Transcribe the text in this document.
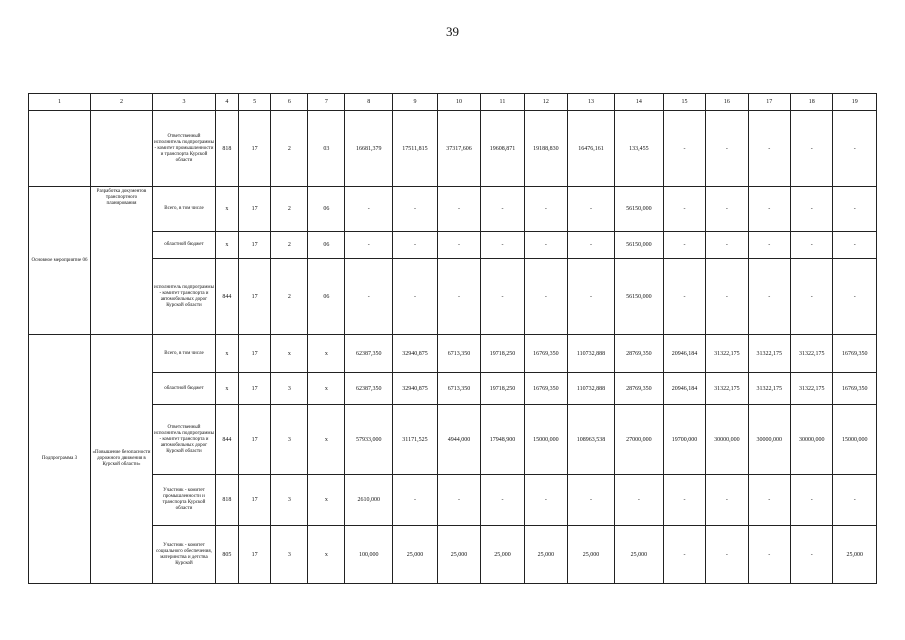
39
1	2	3	4	5	6	7	8	9	10	11	12	13	14	15	16	17	18	19
		Ответственный исполнитель подпрограммы - комитет промышленности и транспорта Курской области	818	17	2	03	16681,379	17511,815	37317,606	19608,871	19188,830	16476,161	133,455	-	-	-	-	-
Основное мероприятие 06	Разработка документов транспортного планирования	Всего, в том числе	x	17	2	06	-	-	-	-	-	-	56150,000	-	-	-	-	-
		областной бюджет	x	17	2	06	-	-	-	-	-	-	56150,000	-	-	-	-	-
		исполнитель подпрограммы - комитет транспорта и автомобильных дорог Курской области	844	17	2	06	-	-	-	-	-	-	56150,000	-	-	-	-	-
Подпрограмма 3	«Повышение безопасности дорожного движения в Курской области»	Всего, в том числе	x	17	x	x	62387,350	32940,875	6713,350	19718,250	16769,350	110732,888	28769,350	20946,184	31322,175	31322,175	31322,175	16769,350
		областной бюджет	x	17	3	x	62387,350	32940,875	6713,350	19718,250	16769,350	110732,888	28769,350	20946,184	31322,175	31322,175	31322,175	16769,350
		Ответственный исполнитель подпрограммы - комитет транспорта и автомобильных дорог Курской области	844	17	3	x	57933,000	31171,525	4944,000	17948,900	15000,000	108963,538	27000,000	19700,000	30000,000	30000,000	30000,000	15000,000
		Участник - комитет промышленности и транспорта Курской области	818	17	3	x	2610,000	-	-	-	-	-	-	-	-	-	-	-
		Участник - комитет социального обеспечения, материнства и детства Курской	805	17	3	x	100,000	25,000	25,000	25,000	25,000	25,000	25,000	-	-	-	-	25,000
